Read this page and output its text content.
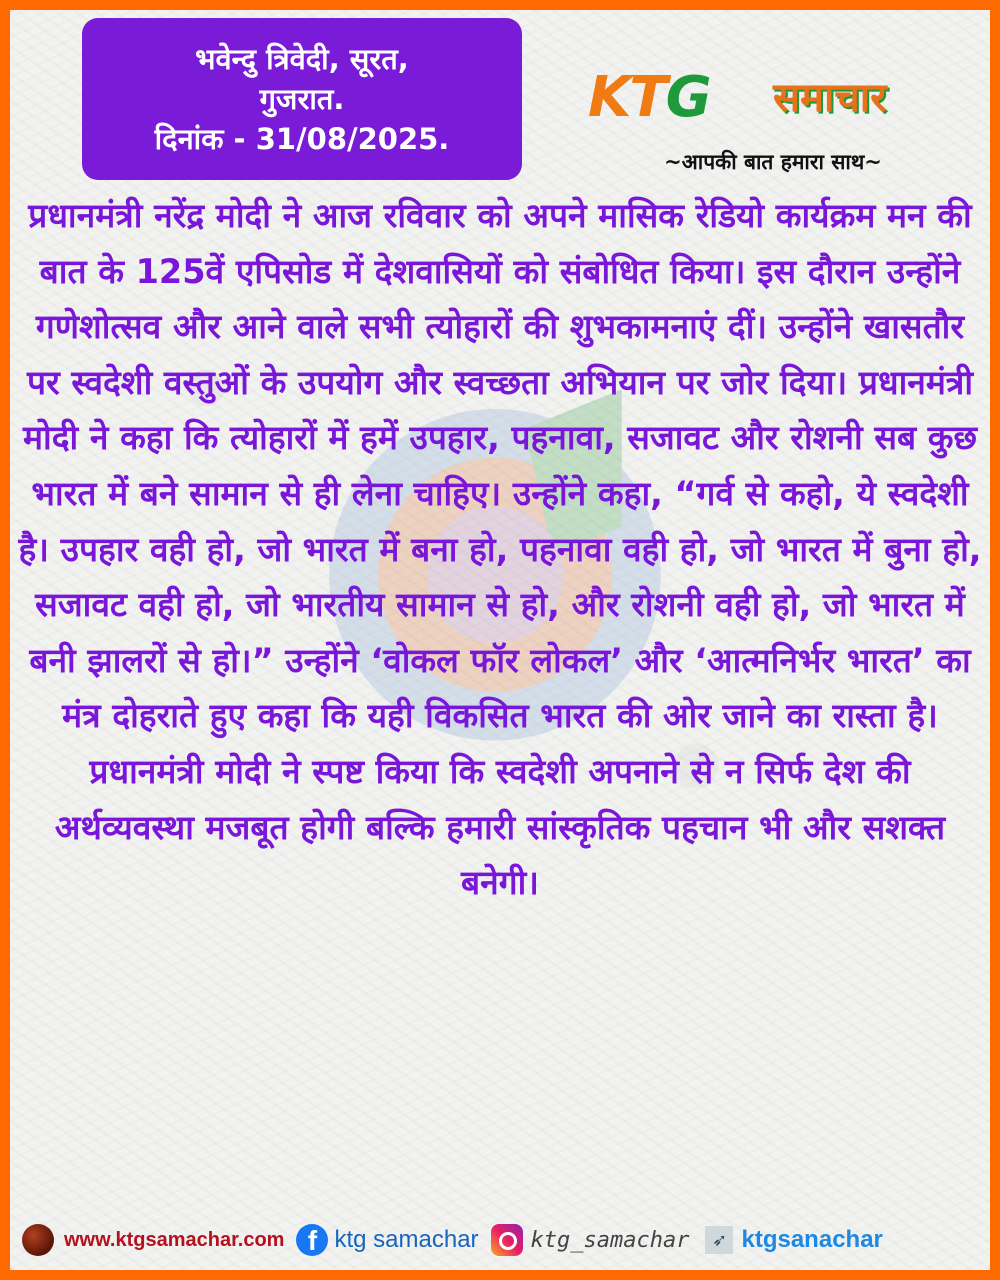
भवेन्दु त्रिवेदी, सूरत,
गुजरात.
दिनांक - 31/08/2025.
KTG समाचार
~आपकी बात हमारा साथ~
प्रधानमंत्री नरेंद्र मोदी ने आज रविवार को अपने मासिक रेडियो कार्यक्रम मन की बात के 125वें एपिसोड में देशवासियों को संबोधित किया। इस दौरान उन्होंने गणेशोत्सव और आने वाले सभी त्योहारों की शुभकामनाएं दीं। उन्होंने खासतौर पर स्वदेशी वस्तुओं के उपयोग और स्वच्छता अभियान पर जोर दिया। प्रधानमंत्री मोदी ने कहा कि त्योहारों में हमें उपहार, पहनावा, सजावट और रोशनी सब कुछ भारत में बने सामान से ही लेना चाहिए। उन्होंने कहा, “गर्व से कहो, ये स्वदेशी है। उपहार वही हो, जो भारत में बना हो, पहनावा वही हो, जो भारत में बुना हो, सजावट वही हो, जो भारतीय सामान से हो, और रोशनी वही हो, जो भारत में बनी झालरों से हो।” उन्होंने ‘वोकल फॉर लोकल’ और ‘आत्मनिर्भर भारत’ का मंत्र दोहराते हुए कहा कि यही विकसित भारत की ओर जाने का रास्ता है। प्रधानमंत्री मोदी ने स्पष्ट किया कि स्वदेशी अपनाने से न सिर्फ देश की अर्थव्यवस्था मजबूत होगी बल्कि हमारी सांस्कृतिक पहचान भी और सशक्त बनेगी।
www.ktgsamachar.com f ktg samachar ktg_samachar	➶ ktgsanachar
